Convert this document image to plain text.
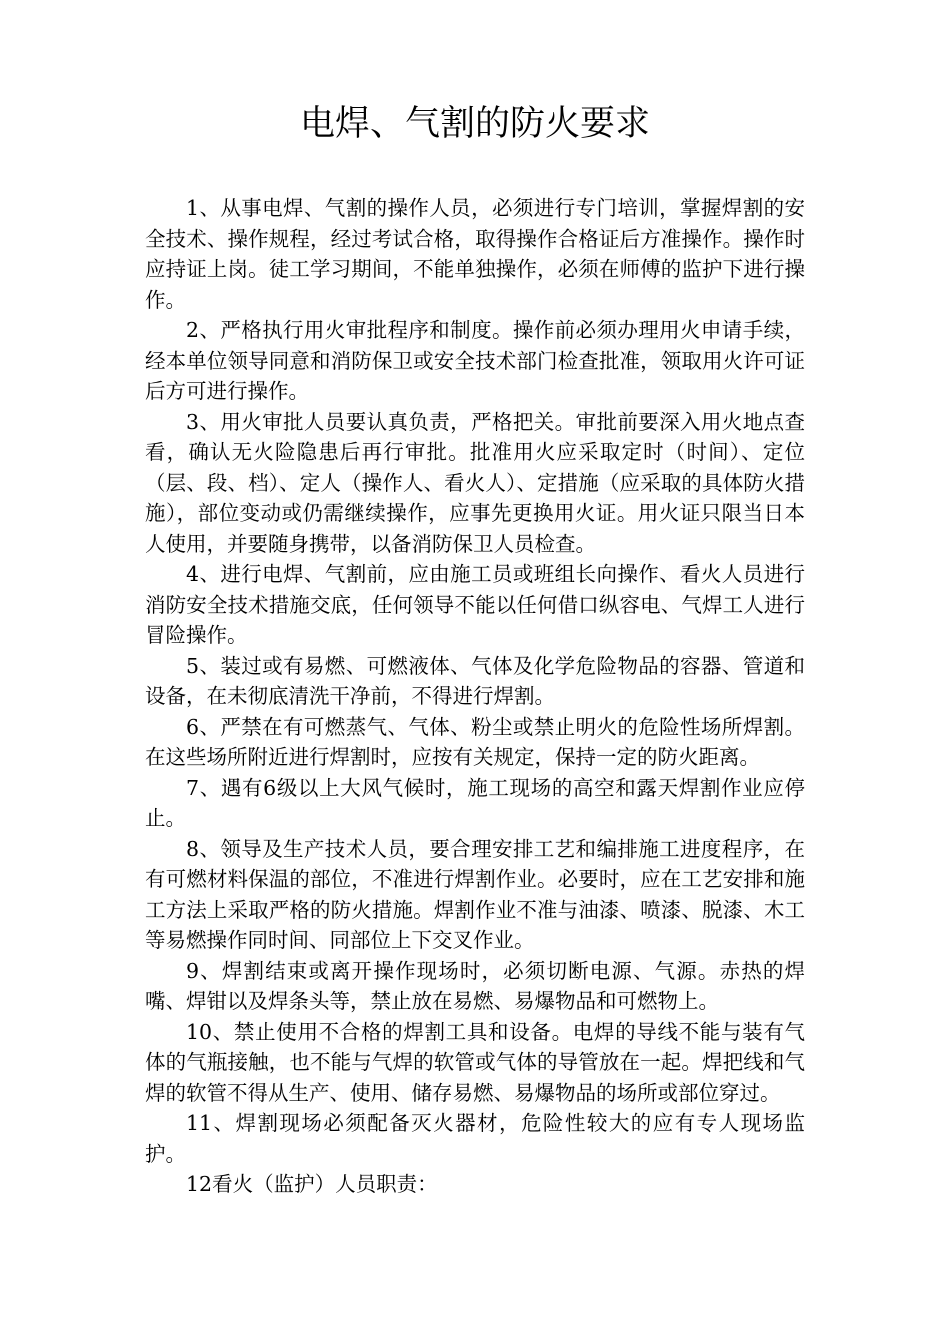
电焊、气割的防火要求

1、从事电焊、气割的操作人员，必须进行专门培训，掌握焊割的安全技术、操作规程，经过考试合格，取得操作合格证后方准操作。操作时应持证上岗。徒工学习期间，不能单独操作，必须在师傅的监护下进行操作。

2、严格执行用火审批程序和制度。操作前必须办理用火申请手续，经本单位领导同意和消防保卫或安全技术部门检查批准，领取用火许可证后方可进行操作。

3、用火审批人员要认真负责，严格把关。审批前要深入用火地点查看，确认无火险隐患后再行审批。批准用火应采取定时（时间）、定位（层、段、档）、定人（操作人、看火人）、定措施（应采取的具体防火措施），部位变动或仍需继续操作，应事先更换用火证。用火证只限当日本人使用，并要随身携带，以备消防保卫人员检查。

4、进行电焊、气割前，应由施工员或班组长向操作、看火人员进行消防安全技术措施交底，任何领导不能以任何借口纵容电、气焊工人进行冒险操作。

5、装过或有易燃、可燃液体、气体及化学危险物品的容器、管道和设备，在未彻底清洗干净前，不得进行焊割。

6、严禁在有可燃蒸气、气体、粉尘或禁止明火的危险性场所焊割。在这些场所附近进行焊割时，应按有关规定，保持一定的防火距离。

7、遇有6级以上大风气候时，施工现场的高空和露天焊割作业应停止。

8、领导及生产技术人员，要合理安排工艺和编排施工进度程序，在有可燃材料保温的部位，不准进行焊割作业。必要时，应在工艺安排和施工方法上采取严格的防火措施。焊割作业不准与油漆、喷漆、脱漆、木工等易燃操作同时间、同部位上下交叉作业。

9、焊割结束或离开操作现场时，必须切断电源、气源。赤热的焊嘴、焊钳以及焊条头等，禁止放在易燃、易爆物品和可燃物上。

10、禁止使用不合格的焊割工具和设备。电焊的导线不能与装有气体的气瓶接触，也不能与气焊的软管或气体的导管放在一起。焊把线和气焊的软管不得从生产、使用、储存易燃、易爆物品的场所或部位穿过。

11、焊割现场必须配备灭火器材，危险性较大的应有专人现场监护。

12看火（监护）人员职责：
